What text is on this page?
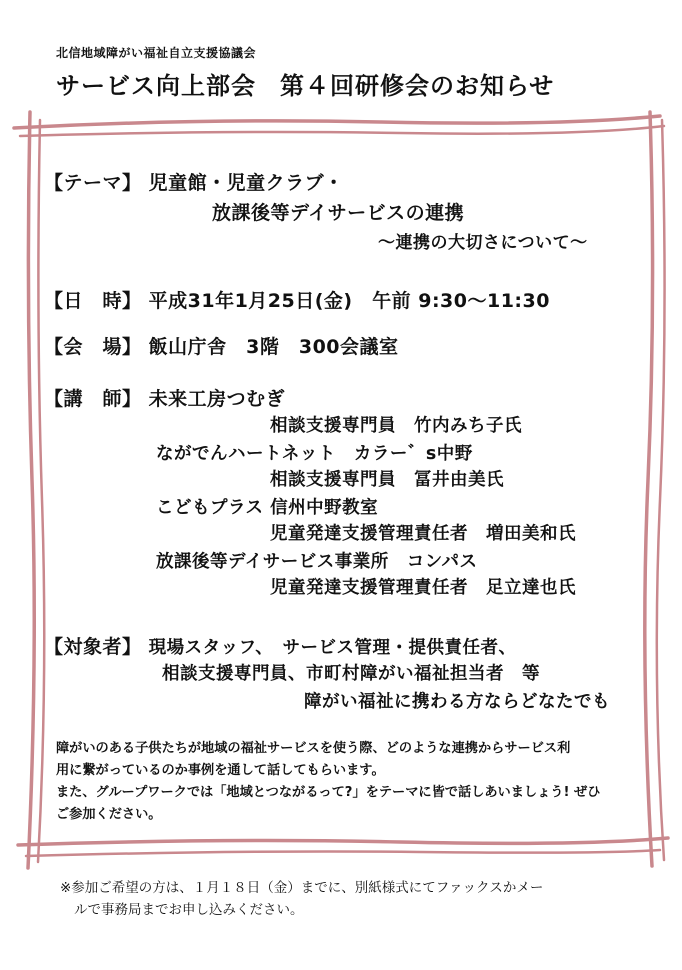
北信地域障がい福祉自立支援協議会
サービス向上部会 第４回研修会のお知らせ
【テーマ】 児童館・児童クラブ・
放課後等デイサービスの連携
～連携の大切さについて～
【日　時】 平成31年1月25日(金)　午前 9:30～11:30
【会　場】 飯山庁舎　3階　300会議室
【講　師】 未来工房つむぎ
相談支援専門員　竹内みち子氏
ながでんハートネット　カラー゛s中野
相談支援専門員　冨井由美氏
こどもプラス 信州中野教室
児童発達支援管理責任者　増田美和氏
放課後等デイサービス事業所　コンパス
児童発達支援管理責任者　足立達也氏
【対象者】 現場スタッフ、　サービス管理・提供責任者、
相談支援専門員、市町村障がい福祉担当者　等
障がい福祉に携わる方ならどなたでも

障がいのある子供たちが地域の福祉サービスを使う際、どのような連携からサービス利

用に繋がっているのか事例を通して話してもらいます。

また、グループワークでは「地域とつながるって?」をテーマに皆で話しあいましょう! ぜひ

ご参加ください。

※参加ご希望の方は、１月１８日（金）までに、別紙様式にてファックスかメー

ルで事務局までお申し込みください。
